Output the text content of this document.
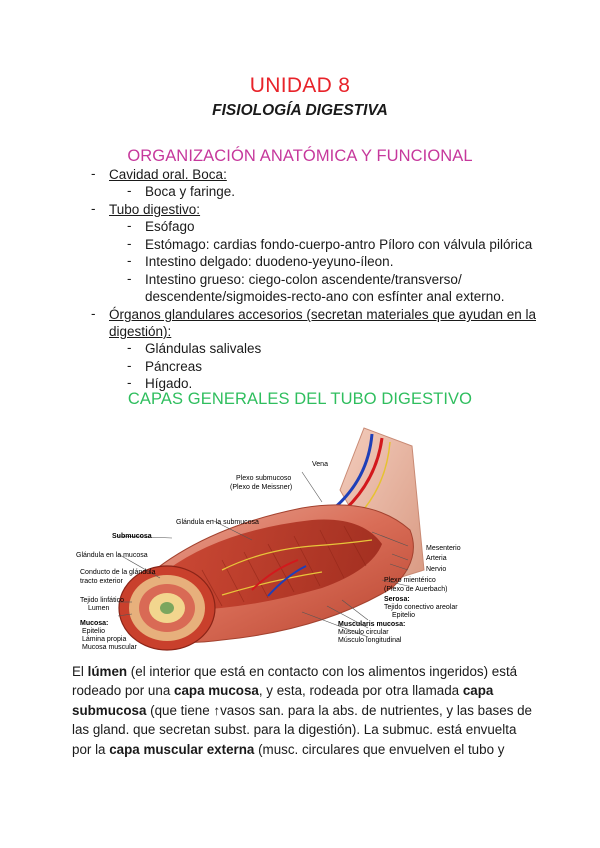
UNIDAD 8
FISIOLOGÍA DIGESTIVA
ORGANIZACIÓN ANATÓMICA Y FUNCIONAL
- Cavidad oral. Boca:
- Boca y faringe.
- Tubo digestivo:
- Esófago
- Estómago: cardias fondo-cuerpo-antro Píloro con válvula pilórica
- Intestino delgado: duodeno-yeyuno-íleon.
- Intestino grueso: ciego-colon ascendente/transverso/
descendente/sigmoides-recto-ano con esfínter anal externo.
- Órganos glandulares accesorios (secretan materiales que ayudan en la
digestión):
- Glándulas salivales
- Páncreas
- Hígado.
CAPAS GENERALES DEL TUBO DIGESTIVO
Vena
Plexo submucoso
(Plexo de Meissner)
Glándula en la submucosa
Submucosa
Glándula en la mucosa
Conducto de la glándula
tracto exterior
Tejido linfático
Lumen
Mucosa:
Epitelio
Lámina propia
Mucosa muscular
Mesenterio
Arteria
Nervio
Plexo mientérico
(Plexo de Auerbach)
Serosa:
Tejido conectivo areolar
Epitelio
Muscularis mucosa:
Músculo circular
Músculo longitudinal
El lúmen (el interior que está en contacto con los alimentos ingeridos) está
rodeado por una capa mucosa, y esta, rodeada por otra llamada capa
submucosa (que tiene ↑vasos san. para la abs. de nutrientes, y las bases de
las gland. que secretan subst. para la digestión). La submuc. está envuelta
por la capa muscular externa (musc. circulares que envuelven el tubo y
